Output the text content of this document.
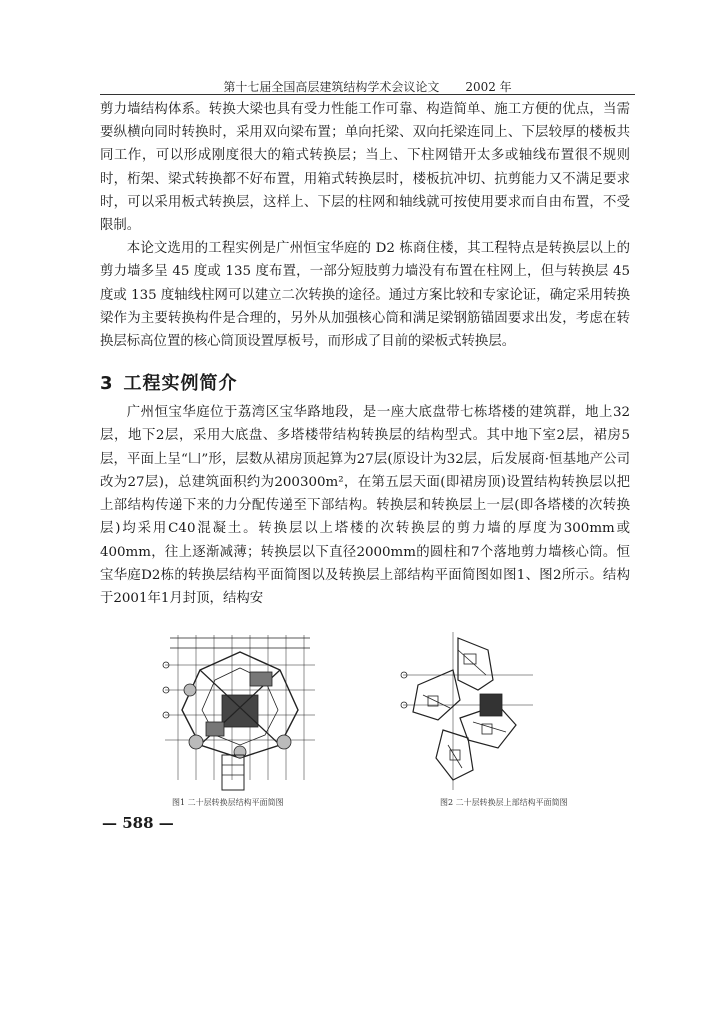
第十七届全国高层建筑结构学术会议论文 2002 年

剪力墙结构体系。转换大梁也具有受力性能工作可靠、构造简单、施工方便的优点，当需要纵横向同时转换时，采用双向梁布置；单向托梁、双向托梁连同上、下层较厚的楼板共同工作，可以形成刚度很大的箱式转换层；当上、下柱网错开太多或轴线布置很不规则时，桁架、梁式转换都不好布置，用箱式转换层时，楼板抗冲切、抗剪能力又不满足要求时，可以采用板式转换层，这样上、下层的柱网和轴线就可按使用要求而自由布置，不受限制。

本论文选用的工程实例是广州恒宝华庭的 D2 栋商住楼，其工程特点是转换层以上的剪力墙多呈 45 度或 135 度布置，一部分短肢剪力墙没有布置在柱网上，但与转换层 45 度或 135 度轴线柱网可以建立二次转换的途径。通过方案比较和专家论证，确定采用转换梁作为主要转换构件是合理的，另外从加强核心筒和满足梁钢筋锚固要求出发，考虑在转换层标高位置的核心筒顶设置厚板号，而形成了目前的梁板式转换层。

3 工程实例简介

广州恒宝华庭位于荔湾区宝华路地段，是一座大底盘带七栋塔楼的建筑群，地上32层，地下2层，采用大底盘、多塔楼带结构转换层的结构型式。其中地下室2层，裙房5层，平面上呈“凵”形，层数从裙房顶起算为27层(原设计为32层，后发展商·恒基地产公司改为27层)，总建筑面积约为200300m²，在第五层天面(即裙房顶)设置结构转换层以把上部结构传递下来的力分配传递至下部结构。转换层和转换层上一层(即各塔楼的次转换层)均采用C40混凝土。转换层以上塔楼的次转换层的剪力墙的厚度为300mm或400mm，往上逐渐减薄；转换层以下直径2000mm的圆柱和7个落地剪力墙核心筒。恒宝华庭D2栋的转换层结构平面简图以及转换层上部结构平面简图如图1、图2所示。结构于2001年1月封顶，结构安

图1 二十层转换层结构平面简图	图2 二十层转换层上部结构平面简图
— 588 —
